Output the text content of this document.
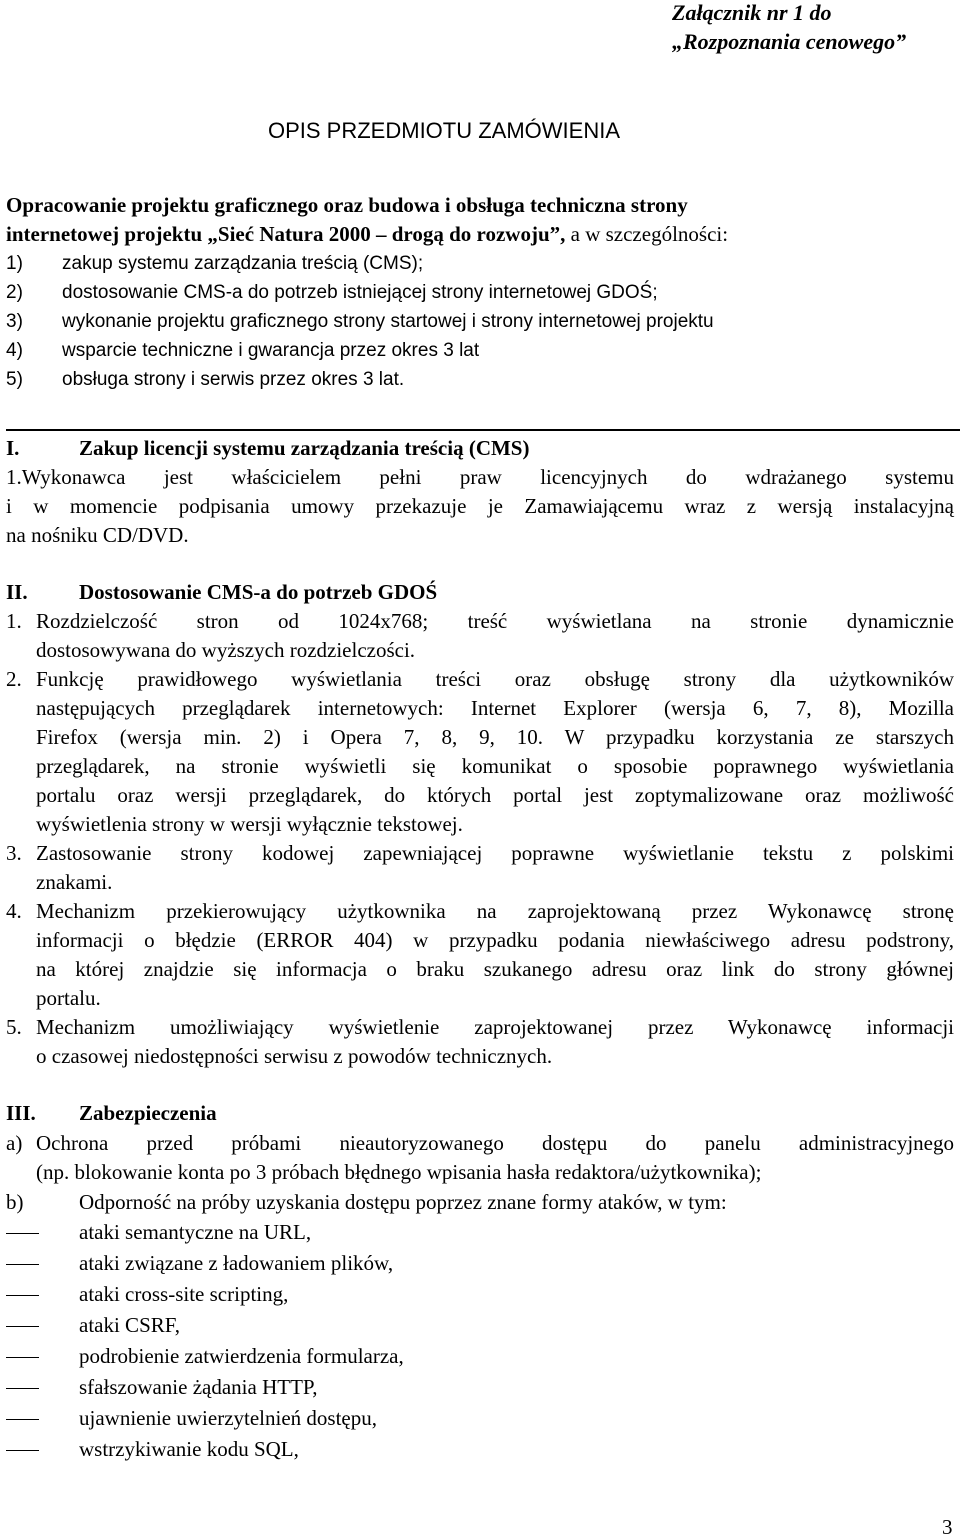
Załącznik nr 1 do
„Rozpoznania cenowego”
OPIS PRZEDMIOTU ZAMÓWIENIA
Opracowanie projektu graficznego oraz budowa i obsługa techniczna strony
internetowej projektu „Sieć Natura 2000 – drogą do rozwoju”, a w szczególności:
1) zakup systemu zarządzania treścią (CMS);
2) dostosowanie CMS-a do potrzeb istniejącej strony internetowej GDOŚ;
3) wykonanie projektu graficznego strony startowej i strony internetowej projektu
4) wsparcie techniczne i gwarancja przez okres 3 lat
5) obsługa strony i serwis przez okres 3 lat.
I.	Zakup licencji systemu zarządzania treścią (CMS)
1.Wykonawca jest właścicielem pełni praw licencyjnych do wdrażanego systemu
i w momencie podpisania umowy przekazuje je Zamawiającemu wraz z wersją instalacyjną
na nośniku CD/DVD.
II. Dostosowanie CMS-a do potrzeb GDOŚ
1. Rozdzielczość stron od 1024x768; treść wyświetlana na stronie dynamicznie
dostosowywana do wyższych rozdzielczości.
2. Funkcję prawidłowego wyświetlania treści oraz obsługę strony dla użytkowników
następujących przeglądarek internetowych: Internet Explorer (wersja 6, 7, 8), Mozilla
Firefox (wersja min. 2) i Opera 7, 8, 9, 10. W przypadku korzystania ze starszych
przeglądarek, na stronie wyświetli się komunikat o sposobie poprawnego wyświetlania
portalu oraz wersji przeglądarek, do których portal jest zoptymalizowane oraz możliwość
wyświetlenia strony w wersji wyłącznie tekstowej.
3. Zastosowanie strony kodowej zapewniającej poprawne wyświetlanie tekstu z polskimi
znakami.
4. Mechanizm przekierowujący użytkownika na zaprojektowaną przez Wykonawcę stronę
informacji o błędzie (ERROR 404) w przypadku podania niewłaściwego adresu podstrony,
na której znajdzie się informacja o braku szukanego adresu oraz link do strony głównej
portalu.
5. Mechanizm umożliwiający wyświetlenie zaprojektowanej przez Wykonawcę informacji
o czasowej niedostępności serwisu z powodów technicznych.
III. Zabezpieczenia
a) Ochrona przed próbami nieautoryzowanego dostępu do panelu administracyjnego
(np. blokowanie konta po 3 próbach błędnego wpisania hasła redaktora/użytkownika);
b)	Odporność na próby uzyskania dostępu poprzez znane formy ataków, w tym:
ataki semantyczne na URL,
ataki związane z ładowaniem plików,
ataki cross-site scripting,
ataki CSRF,
podrobienie zatwierdzenia formularza,
sfałszowanie żądania HTTP,
ujawnienie uwierzytelnień dostępu,
wstrzykiwanie kodu SQL,
3
